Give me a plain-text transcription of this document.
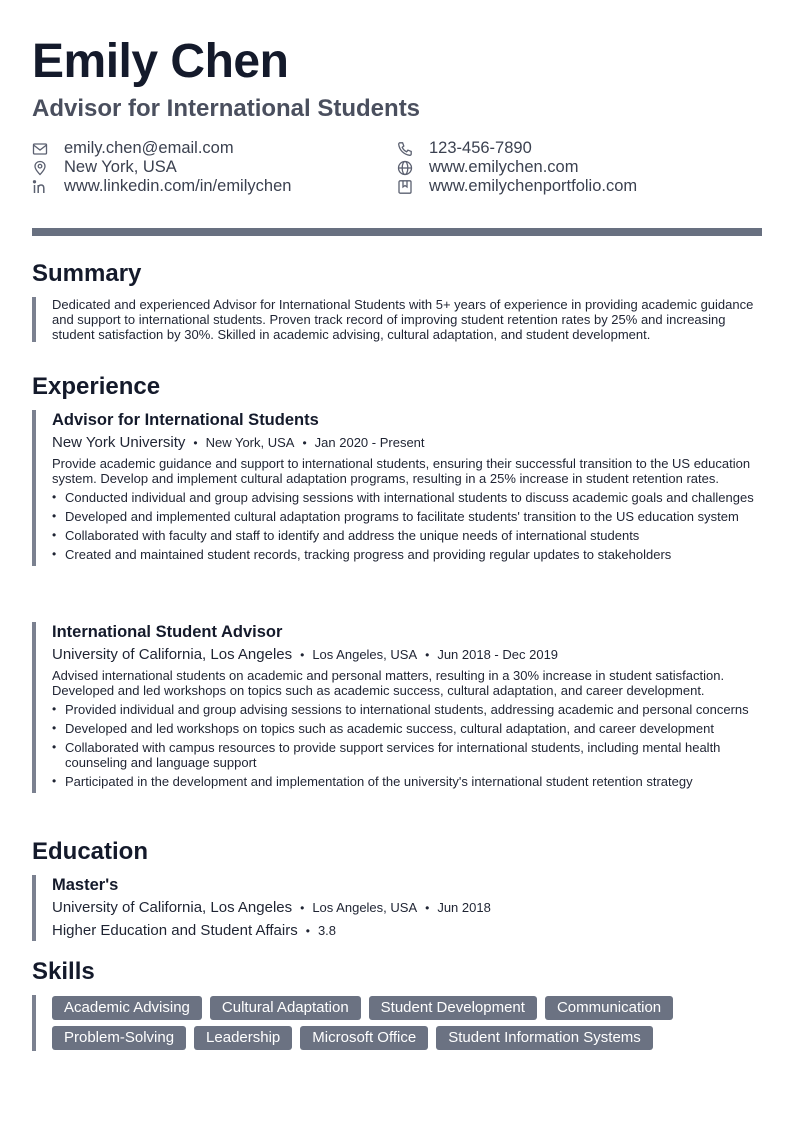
Emily Chen
Advisor for International Students
emily.chen@email.com	123-456-7890
New York, USA	www.emilychen.com
www.linkedin.com/in/emilychen	www.emilychenportfolio.com
Summary
Dedicated and experienced Advisor for International Students with 5+ years of experience in providing academic guidance and support to international students. Proven track record of improving student retention rates by 25% and increasing student satisfaction by 30%. Skilled in academic advising, cultural adaptation, and student development.
Experience
Advisor for International Students
New York University • New York, USA • Jan 2020 - Present
Provide academic guidance and support to international students, ensuring their successful transition to the US education system. Develop and implement cultural adaptation programs, resulting in a 25% increase in student retention rates.
• Conducted individual and group advising sessions with international students to discuss academic goals and challenges
• Developed and implemented cultural adaptation programs to facilitate students' transition to the US education system
• Collaborated with faculty and staff to identify and address the unique needs of international students
• Created and maintained student records, tracking progress and providing regular updates to stakeholders
International Student Advisor
University of California, Los Angeles • Los Angeles, USA • Jun 2018 - Dec 2019
Advised international students on academic and personal matters, resulting in a 30% increase in student satisfaction. Developed and led workshops on topics such as academic success, cultural adaptation, and career development.
• Provided individual and group advising sessions to international students, addressing academic and personal concerns
• Developed and led workshops on topics such as academic success, cultural adaptation, and career development
• Collaborated with campus resources to provide support services for international students, including mental health counseling and language support
• Participated in the development and implementation of the university's international student retention strategy
Education
Master's
University of California, Los Angeles • Los Angeles, USA • Jun 2018
Higher Education and Student Affairs • 3.8
Skills
Academic Advising	Cultural Adaptation	Student Development	Communication
Problem-Solving	Leadership	Microsoft Office	Student Information Systems
